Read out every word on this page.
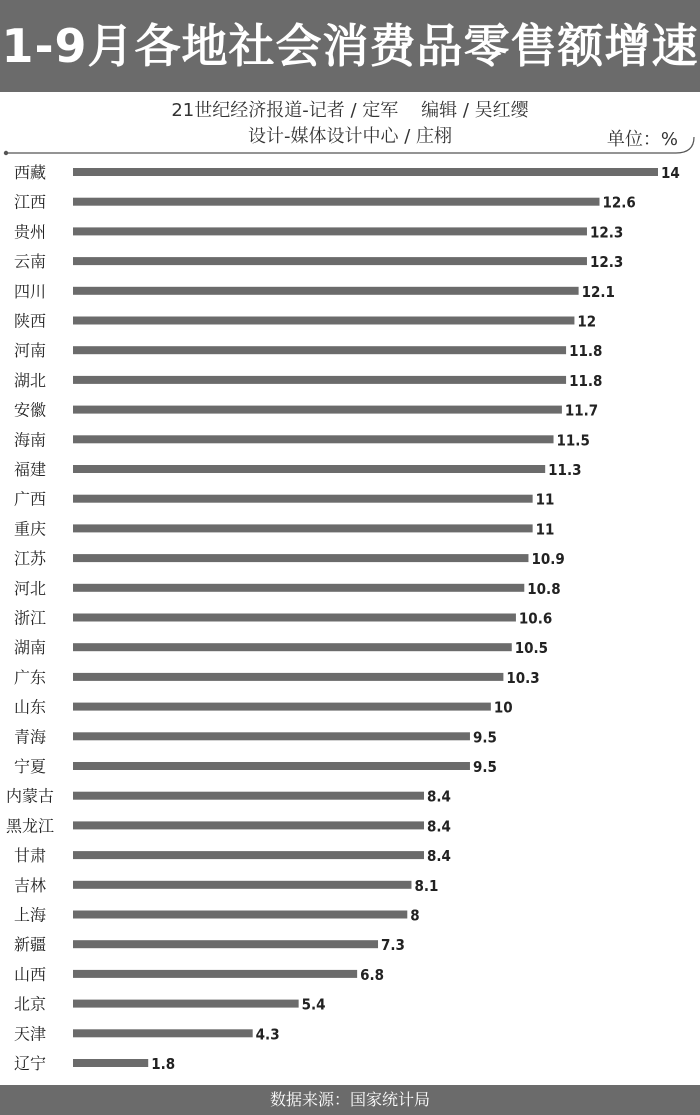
1-9月各地社会消费品零售额增速
21世纪经济报道-记者 / 定军    编辑 / 吴红缨
设计-媒体设计中心 / 庄栩	单位：%
西藏	14
江西	12.6
贵州	12.3
云南	12.3
四川	12.1
陕西	12
河南	11.8
湖北	11.8
安徽	11.7
海南	11.5
福建	11.3
广西	11
重庆	11
江苏	10.9
河北	10.8
浙江	10.6
湖南	10.5
广东	10.3
山东	10
青海	9.5
宁夏	9.5
内蒙古	8.4
黑龙江	8.4
甘肃	8.4
吉林	8.1
上海	8
新疆	7.3
山西	6.8
北京	5.4
天津	4.3
辽宁	1.8
数据来源：国家统计局
